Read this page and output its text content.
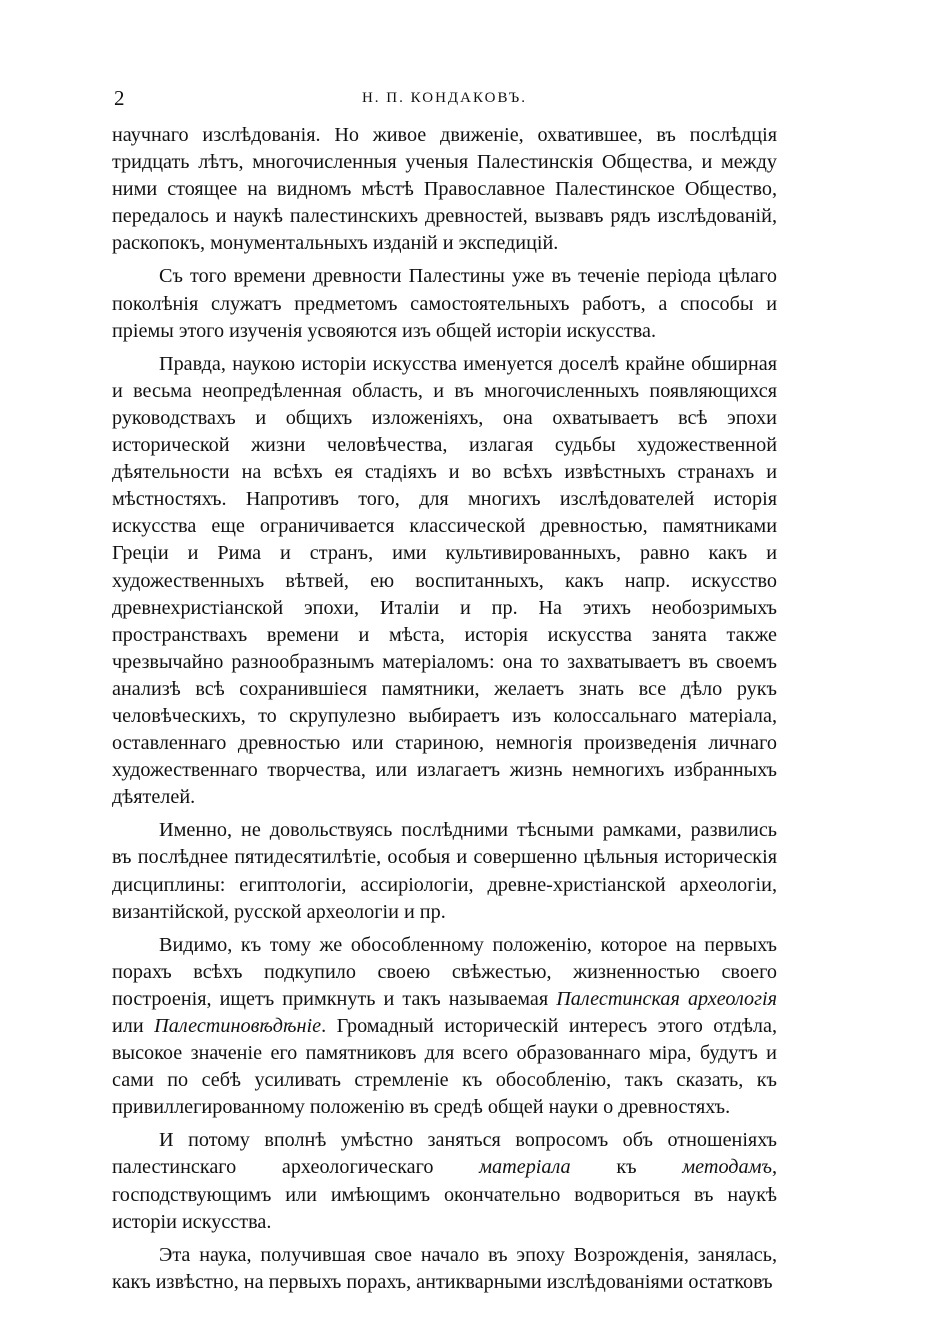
2	Н. П. КОНДАКОВЪ.

научнаго изслѣдованія. Но живое движеніе, охватившее, въ послѣдція тридцать лѣтъ, многочисленныя ученыя Палестинскія Общества, и между ними стоящее на видномъ мѣстѣ Православное Палестинское Общество, передалось и наукѣ палестинскихъ древностей, вызвавъ рядъ изслѣдованій, раскопокъ, монументальныхъ изданій и экспедицій.

Съ того времени древности Палестины уже въ теченіе періода цѣлаго поколѣнія служатъ предметомъ самостоятельныхъ работъ, а способы и пріемы этого изученія усвояются изъ общей исторіи искусства.

Правда, наукою исторіи искусства именуется доселѣ крайне обширная и весьма неопредѣленная область, и въ многочисленныхъ появляющихся руководствахъ и общихъ изложеніяхъ, она охватываетъ всѣ эпохи исторической жизни человѣчества, излагая судьбы художественной дѣятельности на всѣхъ ея стадіяхъ и во всѣхъ извѣстныхъ странахъ и мѣстностяхъ. Напротивъ того, для многихъ изслѣдователей исторія искусства еще ограничивается классической древностью, памятниками Греціи и Рима и странъ, ими культивированныхъ, равно какъ и художественныхъ вѣтвей, ею воспитанныхъ, какъ напр. искусство древнехристіанской эпохи, Италіи и пр. На этихъ необозримыхъ пространствахъ времени и мѣста, исторія искусства занята также чрезвычайно разнообразнымъ матеріаломъ: она то захватываетъ въ своемъ анализѣ всѣ сохранившіеся памятники, желаетъ знать все дѣло рукъ человѣческихъ, то скрупулезно выбираетъ изъ колоссальнаго матеріала, оставленнаго древностью или стариною, немногія произведенія личнаго художественнаго творчества, или излагаетъ жизнь немногихъ избранныхъ дѣятелей.

Именно, не довольствуясь послѣдними тѣсными рамками, развились въ послѣднее пятидесятилѣтіе, особыя и совершенно цѣльныя историческія дисциплины: египтологіи, ассиріологіи, древне-христіанской археологіи, византійской, русской археологіи и пр.

Видимо, къ тому же обособленному положенію, которое на первыхъ порахъ всѣхъ подкупило своею свѣжестью, жизненностью своего построенія, ищетъ примкнуть и такъ называемая Палестинская археологія или Палестиновѣдѣніе. Громадный историческій интересъ этого отдѣла, высокое значеніе его памятниковъ для всего образованнаго міра, будутъ и сами по себѣ усиливать стремленіе къ обособленію, такъ сказать, къ привиллегированному положенію въ средѣ общей науки о древностяхъ.

И потому вполнѣ умѣстно заняться вопросомъ объ отношеніяхъ палестинскаго археологическаго матеріала къ методамъ, господствующимъ или имѣющимъ окончательно водвориться въ наукѣ исторіи искусства.

Эта наука, получившая свое начало въ эпоху Возрожденія, занялась, какъ извѣстно, на первыхъ порахъ, антикварными изслѣдованіями остатковъ
